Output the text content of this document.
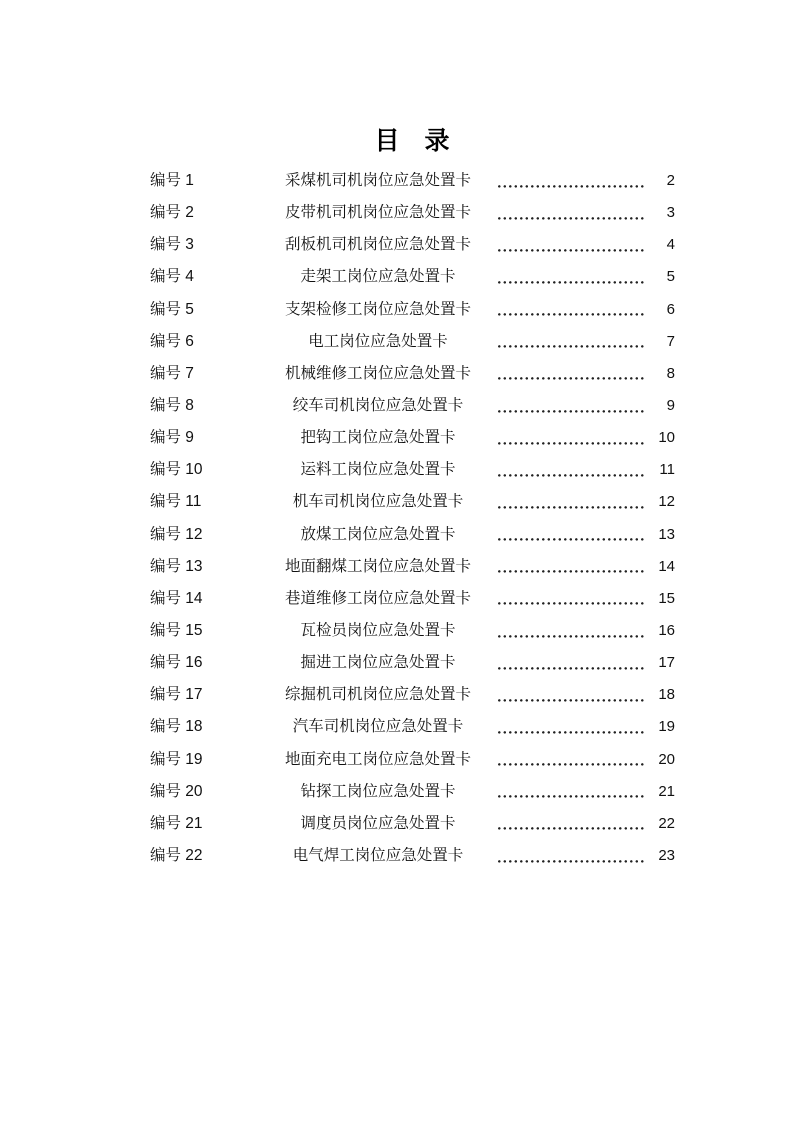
目　录
编号 1	采煤机司机岗位应急处置卡	2
编号 2	皮带机司机岗位应急处置卡	3
编号 3	刮板机司机岗位应急处置卡	4
编号 4	走架工岗位应急处置卡	5
编号 5	支架检修工岗位应急处置卡	6
编号 6	电工岗位应急处置卡	7
编号 7	机械维修工岗位应急处置卡	8
编号 8	绞车司机岗位应急处置卡	9
编号 9	把钩工岗位应急处置卡	10
编号 10	运料工岗位应急处置卡	11
编号 11	机车司机岗位应急处置卡	12
编号 12	放煤工岗位应急处置卡	13
编号 13	地面翻煤工岗位应急处置卡	14
编号 14	巷道维修工岗位应急处置卡	15
编号 15	瓦检员岗位应急处置卡	16
编号 16	掘进工岗位应急处置卡	17
编号 17	综掘机司机岗位应急处置卡	18
编号 18	汽车司机岗位应急处置卡	19
编号 19	地面充电工岗位应急处置卡	20
编号 20	钻探工岗位应急处置卡	21
编号 21	调度员岗位应急处置卡	22
编号 22	电气焊工岗位应急处置卡	23
